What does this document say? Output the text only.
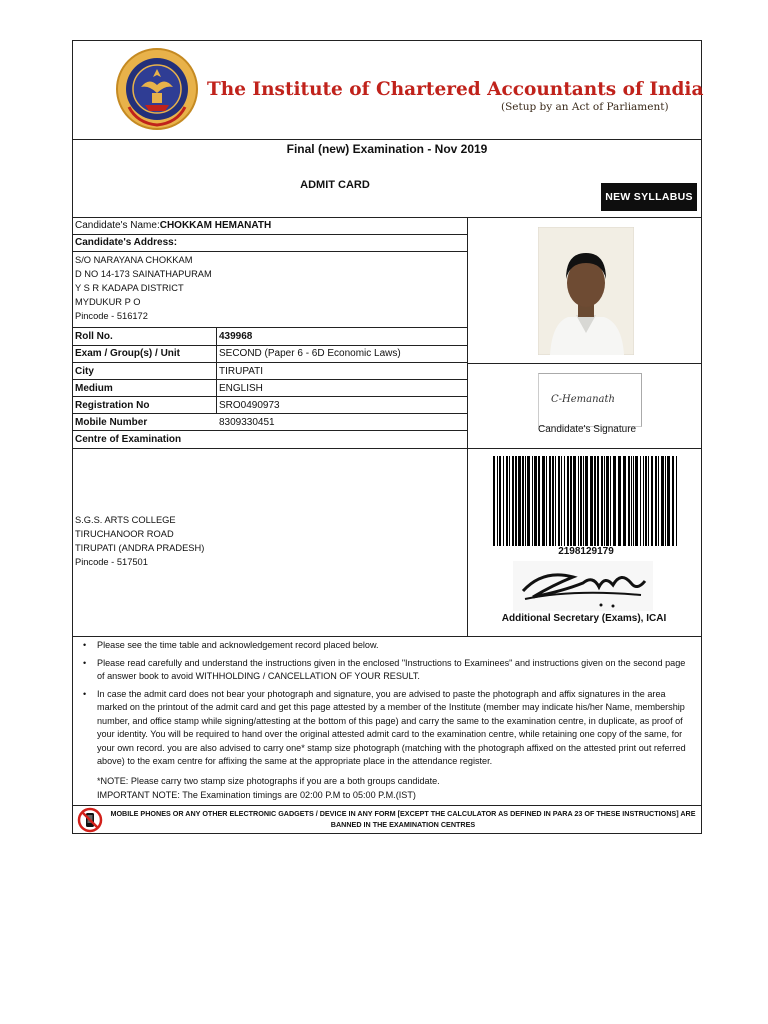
The Institute of Chartered Accountants of India
(Setup by an Act of Parliament)
Final (new) Examination - Nov 2019
ADMIT CARD
NEW SYLLABUS
Candidate's Name:CHOKKAM HEMANATH
Candidate's Address:
S/O NARAYANA CHOKKAM
D NO 14-173 SAINATHAPURAM
Y S R KADAPA DISTRICT
MYDUKUR P O
Pincode - 516172
Roll No.	439968
Exam / Group(s) / Unit	SECOND (Paper 6 - 6D Economic Laws)
City	TIRUPATI
Medium	ENGLISH
Registration No	SRO0490973
Mobile Number	8309330451
Centre of Examination
S.G.S. ARTS COLLEGE
TIRUCHANOOR ROAD
TIRUPATI (ANDRA PRADESH)
Pincode - 517501
C-Hemanath
Candidate's Signature
2198129179
Additional Secretary (Exams), ICAI
• Please see the time table and acknowledgement record placed below.
• Please read carefully and understand the instructions given in the enclosed "Instructions to Examinees" and instructions given on the second page of answer book to avoid WITHHOLDING / CANCELLATION OF YOUR RESULT.
• In case the admit card does not bear your photograph and signature, you are advised to paste the photograph and affix signatures in the area marked on the printout of the admit card and get this page attested by a member of the Institute (member may indicate his/her Name, membership number, and office stamp while signing/attesting at the bottom of this page) and carry the same to the examination centre, in duplicate, as proof of your identity. You will be required to hand over the original attested admit card to the examination centre, while retaining one copy of the same, for your own record. you are also advised to carry one* stamp size photograph (matching with the photograph affixed on the attested print out referred above) to the exam centre for affixing the same at the appropriate place in the attendance register.
*NOTE: Please carry two stamp size photographs if you are a both groups candidate.
IMPORTANT NOTE: The Examination timings are 02:00 P.M to 05:00 P.M.(IST)
MOBILE PHONES OR ANY OTHER ELECTRONIC GADGETS / DEVICE IN ANY FORM [EXCEPT THE CALCULATOR AS DEFINED IN PARA 23 OF THESE INSTRUCTIONS] ARE BANNED IN THE EXAMINATION CENTRES
